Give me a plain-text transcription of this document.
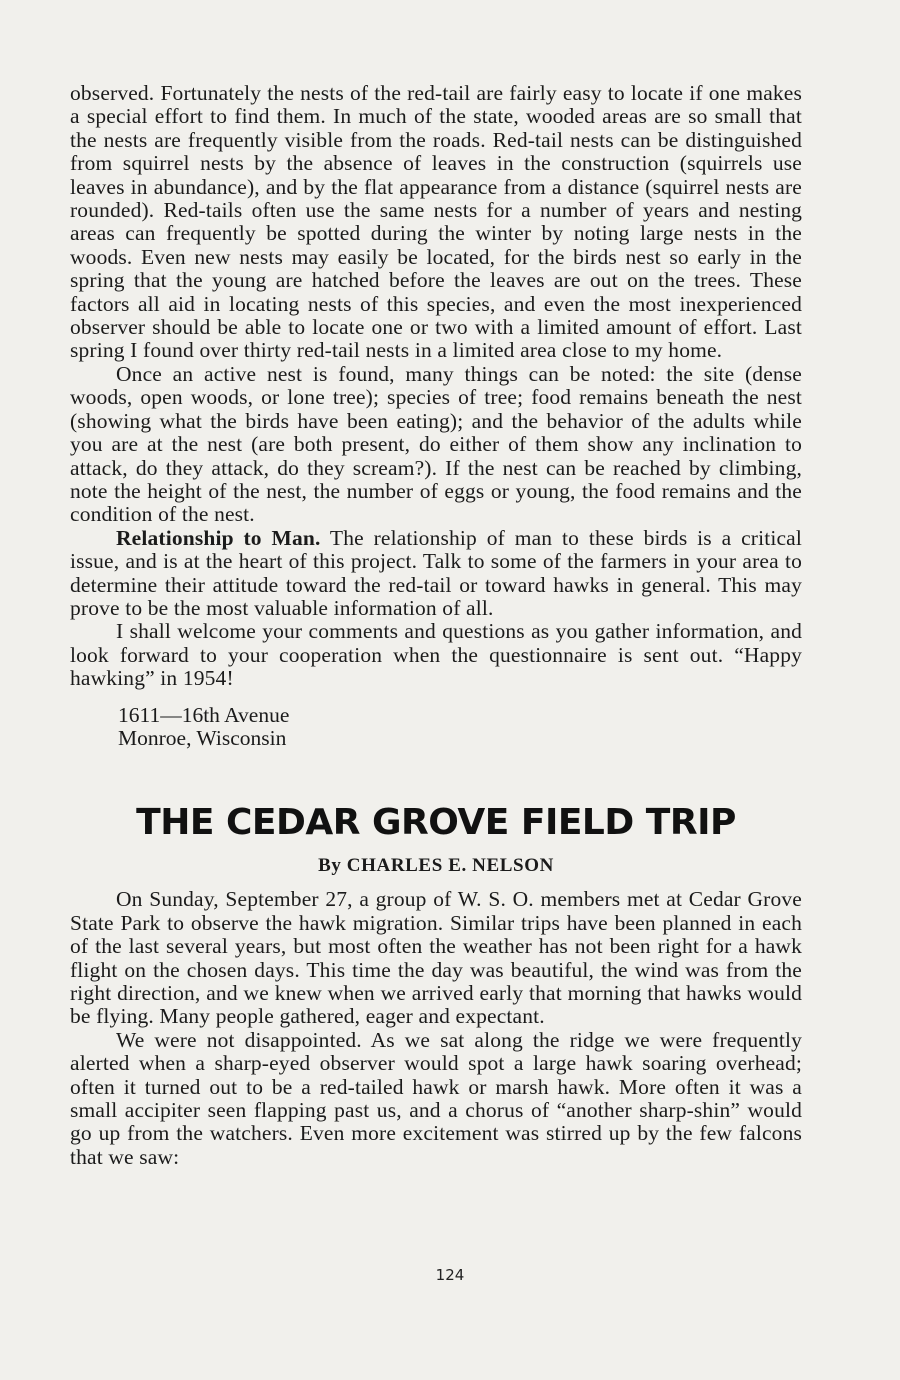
observed. Fortunately the nests of the red-tail are fairly easy to locate if one makes a special effort to find them. In much of the state, wooded areas are so small that the nests are frequently visible from the roads. Red-tail nests can be distinguished from squirrel nests by the absence of leaves in the construction (squirrels use leaves in abundance), and by the flat appearance from a distance (squirrel nests are rounded). Red-tails often use the same nests for a number of years and nesting areas can frequently be spotted during the winter by noting large nests in the woods. Even new nests may easily be located, for the birds nest so early in the spring that the young are hatched before the leaves are out on the trees. These factors all aid in locating nests of this species, and even the most inexperienced observer should be able to locate one or two with a limited amount of effort. Last spring I found over thirty red-tail nests in a limited area close to my home.

Once an active nest is found, many things can be noted: the site (dense woods, open woods, or lone tree); species of tree; food remains beneath the nest (showing what the birds have been eating); and the behavior of the adults while you are at the nest (are both present, do either of them show any inclination to attack, do they attack, do they scream?). If the nest can be reached by climbing, note the height of the nest, the number of eggs or young, the food remains and the condition of the nest.

Relationship to Man. The relationship of man to these birds is a critical issue, and is at the heart of this project. Talk to some of the farmers in your area to determine their attitude toward the red-tail or toward hawks in general. This may prove to be the most valuable information of all.

I shall welcome your comments and questions as you gather information, and look forward to your cooperation when the questionnaire is sent out. “Happy hawking” in 1954!

1611—16th Avenue
Monroe, Wisconsin
THE CEDAR GROVE FIELD TRIP
By CHARLES E. NELSON

On Sunday, September 27, a group of W. S. O. members met at Cedar Grove State Park to observe the hawk migration. Similar trips have been planned in each of the last several years, but most often the weather has not been right for a hawk flight on the chosen days. This time the day was beautiful, the wind was from the right direction, and we knew when we arrived early that morning that hawks would be flying. Many people gathered, eager and expectant.

We were not disappointed. As we sat along the ridge we were frequently alerted when a sharp-eyed observer would spot a large hawk soaring overhead; often it turned out to be a red-tailed hawk or marsh hawk. More often it was a small accipiter seen flapping past us, and a chorus of “another sharp-shin” would go up from the watchers. Even more excitement was stirred up by the few falcons that we saw:

124
